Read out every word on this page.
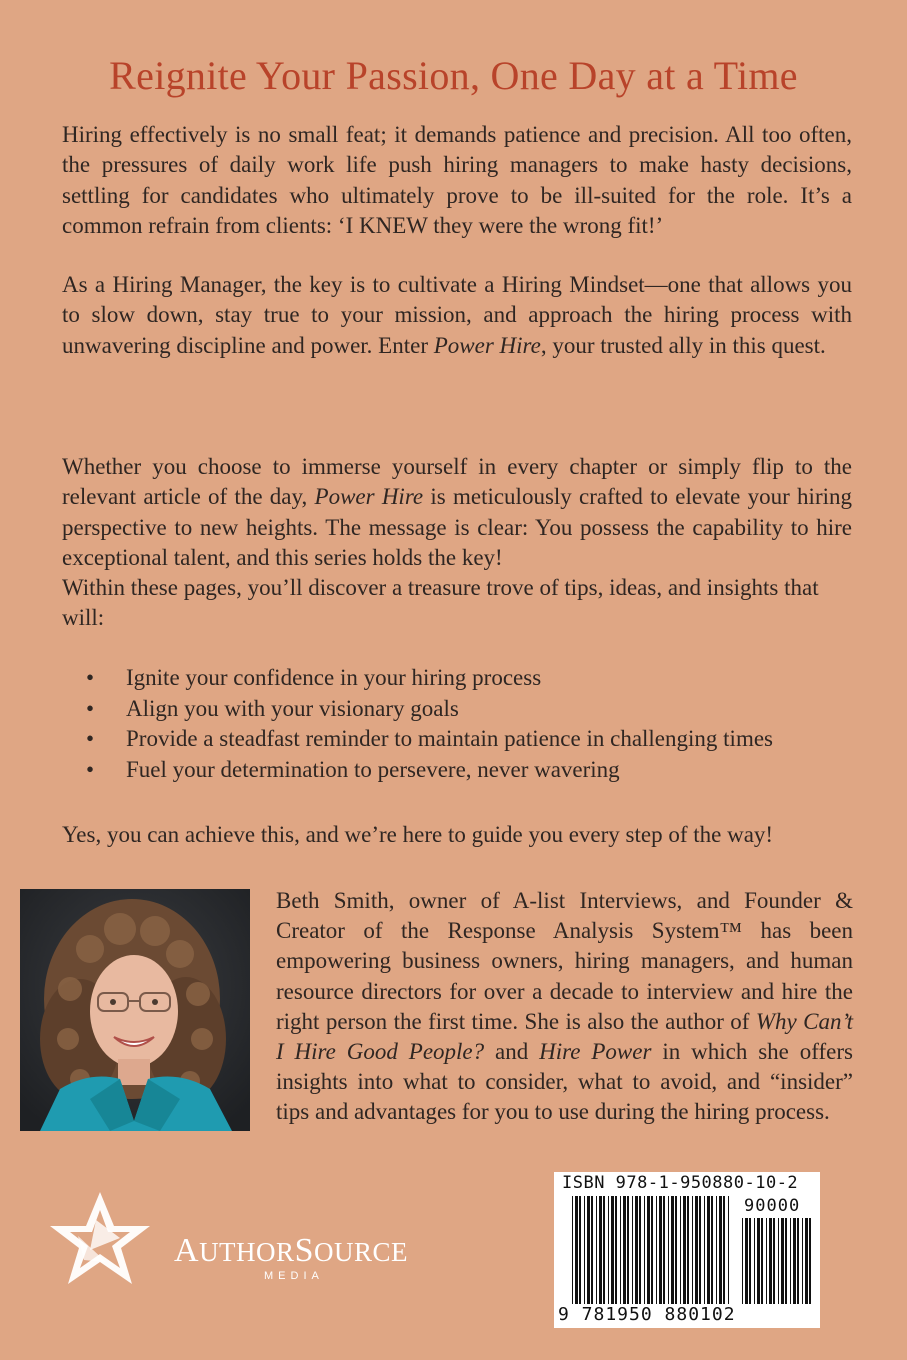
Reignite Your Passion, One Day at a Time

Hiring effectively is no small feat; it demands patience and precision. All too often, the pressures of daily work life push hiring managers to make hasty decisions, settling for candidates who ultimately prove to be ill-suited for the role. It’s a common refrain from clients: ‘I KNEW they were the wrong fit!’

As a Hiring Manager, the key is to cultivate a Hiring Mindset—one that allows you to slow down, stay true to your mission, and approach the hiring process with unwavering discipline and power. Enter Power Hire, your trusted ally in this quest.

Whether you choose to immerse yourself in every chapter or simply flip to the relevant article of the day, Power Hire is meticulously crafted to elevate your hiring perspective to new heights. The message is clear: You possess the capability to hire exceptional talent, and this series holds the key!

Within these pages, you’ll discover a treasure trove of tips, ideas, and insights that will:

• Ignite your confidence in your hiring process
• Align you with your visionary goals
• Provide a steadfast reminder to maintain patience in challenging times
• Fuel your determination to persevere, never wavering

Yes, you can achieve this, and we’re here to guide you every step of the way!

Beth Smith, owner of A-list Interviews, and Founder & Creator of the Response Analysis System™ has been empowering business owners, hiring managers, and human resource directors for over a decade to interview and hire the right person the first time. She is also the author of Why Can’t I Hire Good People? and Hire Power in which she offers insights into what to consider, what to avoid, and “insider” tips and advantages for you to use during the hiring process.

AUTHORSOURCE
MEDIA
ISBN 978-1-950880-10-2
90000
9 781950 880102
